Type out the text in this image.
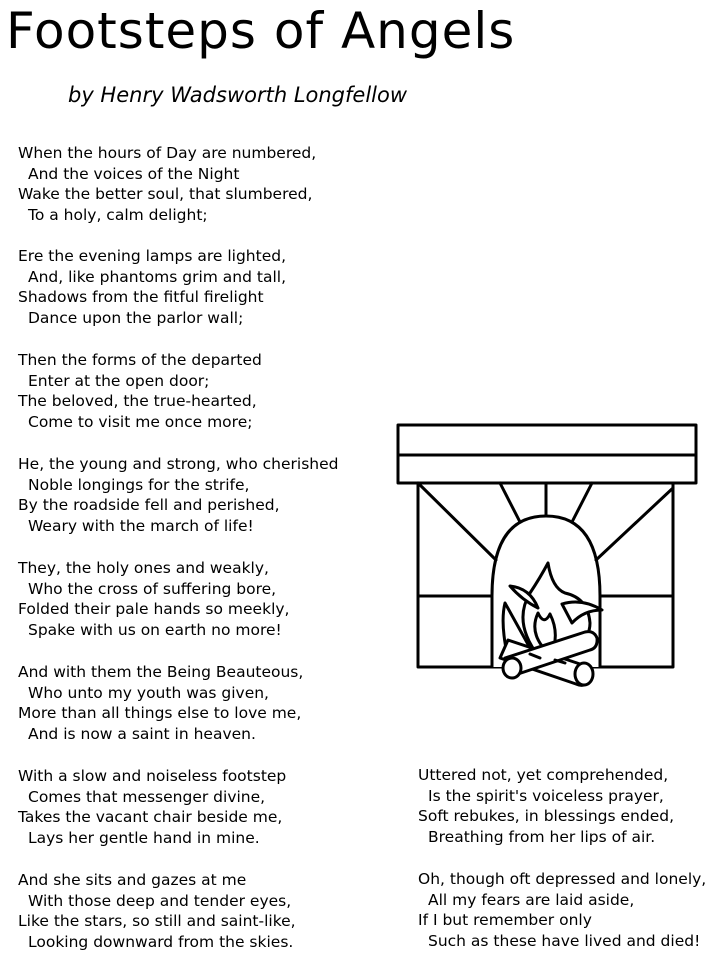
Footsteps of Angels
by Henry Wadsworth Longfellow
When the hours of Day are numbered,
And the voices of the Night
Wake the better soul, that slumbered,
To a holy, calm delight;
Ere the evening lamps are lighted,
And, like phantoms grim and tall,
Shadows from the fitful firelight
Dance upon the parlor wall;
Then the forms of the departed
Enter at the open door;
The beloved, the true-hearted,
Come to visit me once more;
He, the young and strong, who cherished
Noble longings for the strife,
By the roadside fell and perished,
Weary with the march of life!
They, the holy ones and weakly,
Who the cross of suffering bore,
Folded their pale hands so meekly,
Spake with us on earth no more!
And with them the Being Beauteous,
Who unto my youth was given,
More than all things else to love me,
And is now a saint in heaven.
With a slow and noiseless footstep
Comes that messenger divine,
Takes the vacant chair beside me,
Lays her gentle hand in mine.
And she sits and gazes at me
With those deep and tender eyes,
Like the stars, so still and saint-like,
Looking downward from the skies.
Uttered not, yet comprehended,
Is the spirit's voiceless prayer,
Soft rebukes, in blessings ended,
Breathing from her lips of air.
Oh, though oft depressed and lonely,
All my fears are laid aside,
If I but remember only
Such as these have lived and died!
